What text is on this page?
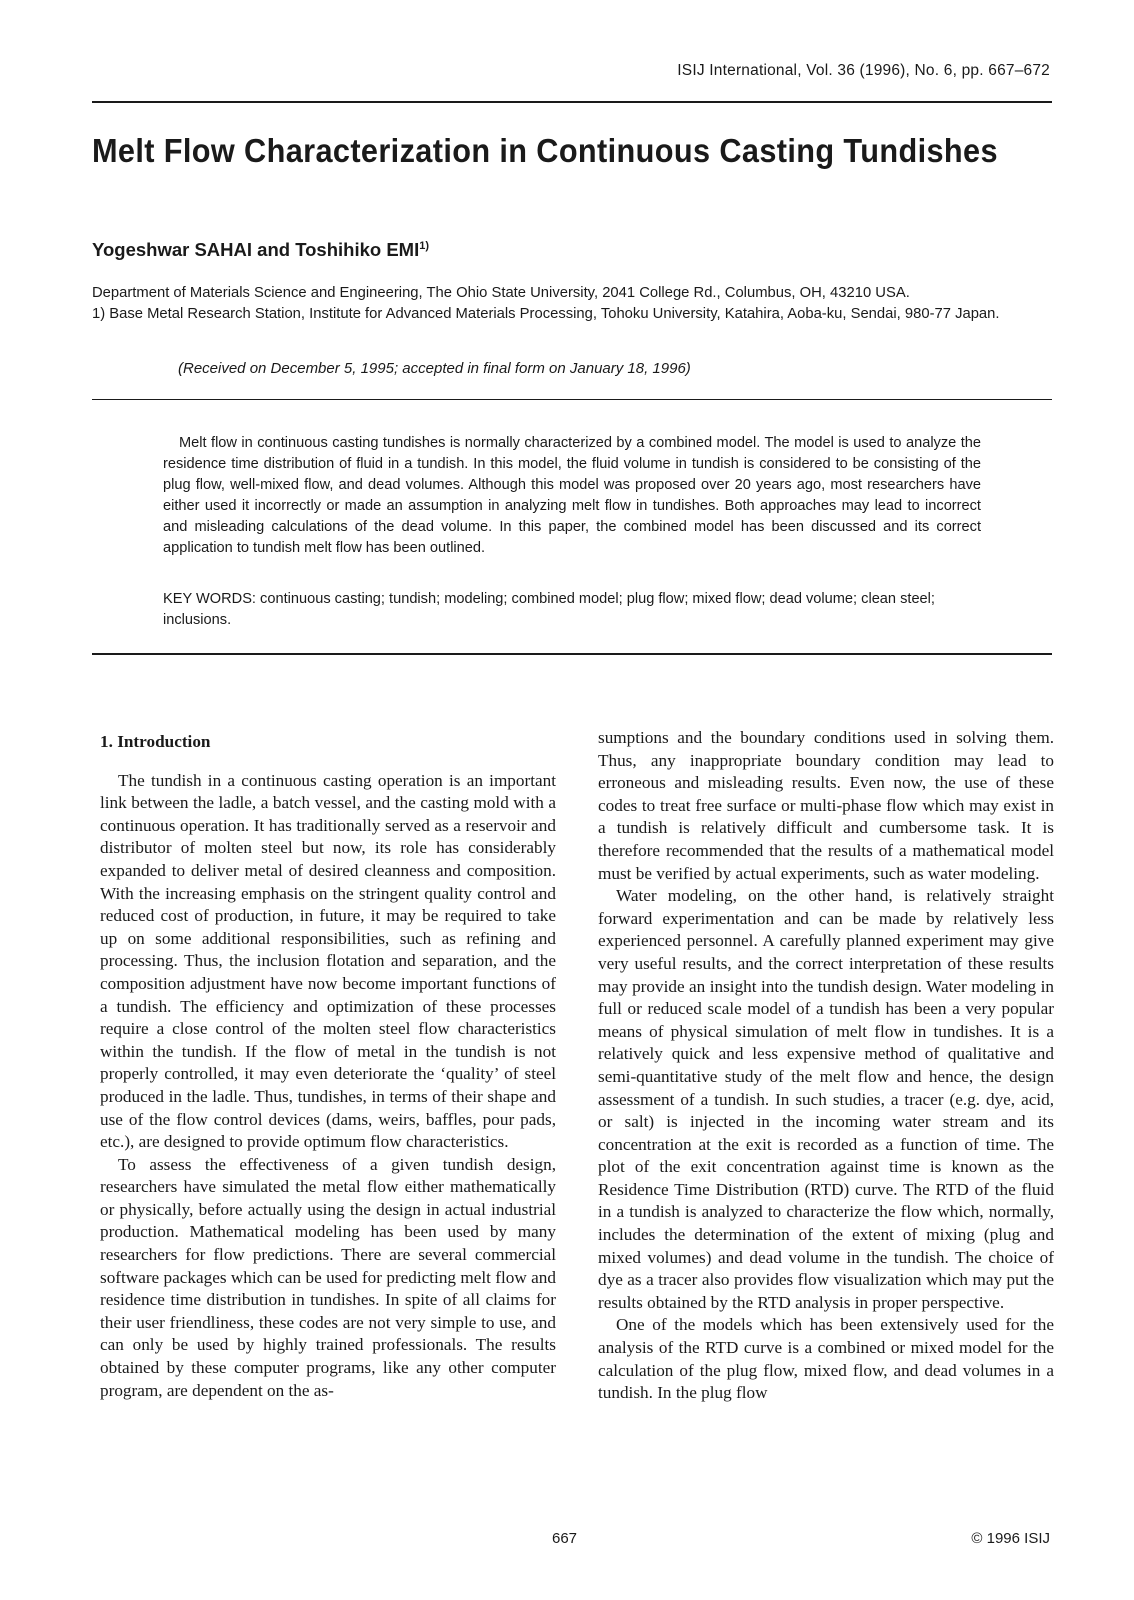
ISIJ International, Vol. 36 (1996), No. 6, pp. 667–672
Melt Flow Characterization in Continuous Casting Tundishes
Yogeshwar SAHAI and Toshihiko EMI$^{1)}$

Department of Materials Science and Engineering, The Ohio State University, 2041 College Rd., Columbus, OH, 43210 USA.

1) Base Metal Research Station, Institute for Advanced Materials Processing, Tohoku University, Katahira, Aoba-ku, Sendai, 980-77 Japan.

(Received on December 5, 1995; accepted in final form on January 18, 1996)

Melt flow in continuous casting tundishes is normally characterized by a combined model. The model is used to analyze the residence time distribution of fluid in a tundish. In this model, the fluid volume in tundish is considered to be consisting of the plug flow, well-mixed flow, and dead volumes. Although this model was proposed over 20 years ago, most researchers have either used it incorrectly or made an assumption in analyzing melt flow in tundishes. Both approaches may lead to incorrect and misleading calculations of the dead volume. In this paper, the combined model has been discussed and its correct application to tundish melt flow has been outlined.

KEY WORDS: continuous casting; tundish; modeling; combined model; plug flow; mixed flow; dead volume; clean steel; inclusions.

1. Introduction

The tundish in a continuous casting operation is an important link between the ladle, a batch vessel, and the casting mold with a continuous operation. It has traditionally served as a reservoir and distributor of molten steel but now, its role has considerably expanded to deliver metal of desired cleanness and composition. With the increasing emphasis on the stringent quality control and reduced cost of production, in future, it may be required to take up on some additional responsibilities, such as refining and processing. Thus, the inclusion flotation and separation, and the composition adjustment have now become important functions of a tundish. The efficiency and optimization of these processes require a close control of the molten steel flow characteristics within the tundish. If the flow of metal in the tundish is not properly controlled, it may even deteriorate the ‘quality’ of steel produced in the ladle. Thus, tundishes, in terms of their shape and use of the flow control devices (dams, weirs, baffles, pour pads, etc.), are designed to provide optimum flow characteristics.

To assess the effectiveness of a given tundish design, researchers have simulated the metal flow either mathematically or physically, before actually using the design in actual industrial production. Mathematical modeling has been used by many researchers for flow predictions. There are several commercial software packages which can be used for predicting melt flow and residence time distribution in tundishes. In spite of all claims for their user friendliness, these codes are not very simple to use, and can only be used by highly trained professionals. The results obtained by these computer programs, like any other computer program, are dependent on the as-

sumptions and the boundary conditions used in solving them. Thus, any inappropriate boundary condition may lead to erroneous and misleading results. Even now, the use of these codes to treat free surface or multi-phase flow which may exist in a tundish is relatively difficult and cumbersome task. It is therefore recommended that the results of a mathematical model must be verified by actual experiments, such as water modeling.

Water modeling, on the other hand, is relatively straight forward experimentation and can be made by relatively less experienced personnel. A carefully planned experiment may give very useful results, and the correct interpretation of these results may provide an insight into the tundish design. Water modeling in full or reduced scale model of a tundish has been a very popular means of physical simulation of melt flow in tundishes. It is a relatively quick and less expensive method of qualitative and semi-quantitative study of the melt flow and hence, the design assessment of a tundish. In such studies, a tracer (e.g. dye, acid, or salt) is injected in the incoming water stream and its concentration at the exit is recorded as a function of time. The plot of the exit concentration against time is known as the Residence Time Distribution (RTD) curve. The RTD of the fluid in a tundish is analyzed to characterize the flow which, normally, includes the determination of the extent of mixing (plug and mixed volumes) and dead volume in the tundish. The choice of dye as a tracer also provides flow visualization which may put the results obtained by the RTD analysis in proper perspective.

One of the models which has been extensively used for the analysis of the RTD curve is a combined or mixed model for the calculation of the plug flow, mixed flow, and dead volumes in a tundish. In the plug flow

667	© 1996 ISIJ
